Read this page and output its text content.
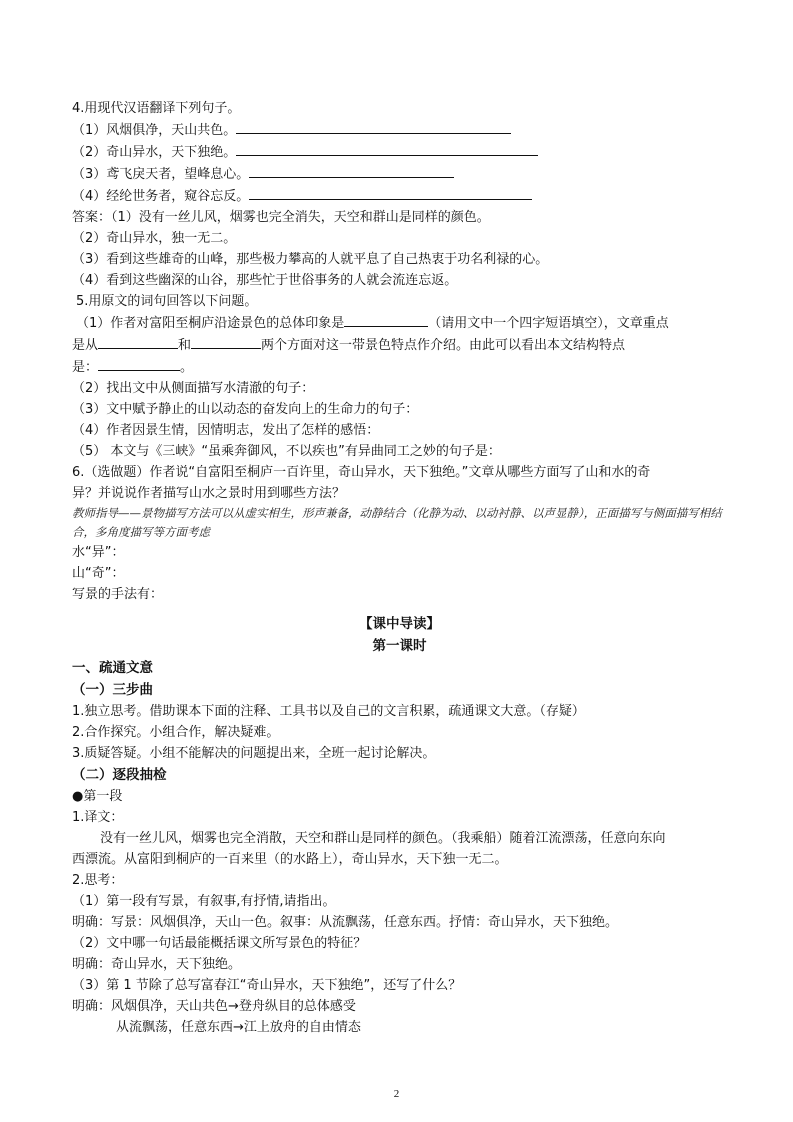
4.用现代汉语翻译下列句子。
（1）风烟俱净，天山共色。
（2）奇山异水，天下独绝。
（3）鸢飞戾天者，望峰息心。
（4）经纶世务者，窥谷忘反。
答案：（1）没有一丝儿风，烟雾也完全消失，天空和群山是同样的颜色。
（2）奇山异水，独一无二。
（3）看到这些雄奇的山峰，那些极力攀高的人就平息了自己热衷于功名利禄的心。
（4）看到这些幽深的山谷，那些忙于世俗事务的人就会流连忘返。
5.用原文的词句回答以下问题。
（1）作者对富阳至桐庐沿途景色的总体印象是	（请用文中一个四字短语填空），文章重点
是从	和	两个方面对这一带景色特点作介绍。由此可以看出本文结构特点
是：	。
（2）找出文中从侧面描写水清澈的句子：
（3）文中赋予静止的山以动态的奋发向上的生命力的句子：
（4）作者因景生情，因情明志，发出了怎样的感悟：
（5） 本文与《三峡》“虽乘奔御风，不以疾也”有异曲同工之妙的句子是：
6.（选做题）作者说“自富阳至桐庐一百许里，奇山异水，天下独绝。”文章从哪些方面写了山和水的奇
异？并说说作者描写山水之景时用到哪些方法？
教师指导——景物描写方法可以从虚实相生，形声兼备，动静结合（化静为动、以动衬静、以声显静），正面描写与侧面描写相结合，多角度描写等方面考虑
水“异”：
山“奇”：
写景的手法有：
【课中导读】
第一课时
一、疏通文意
（一）三步曲
1.独立思考。借助课本下面的注释、工具书以及自己的文言积累，疏通课文大意。（存疑）
2.合作探究。小组合作，解决疑难。
3.质疑答疑。小组不能解决的问题提出来，全班一起讨论解决。
（二）逐段抽检
●第一段
1.译文：
没有一丝儿风，烟雾也完全消散，天空和群山是同样的颜色。（我乘船）随着江流漂荡，任意向东向
西漂流。从富阳到桐庐的一百来里（的水路上），奇山异水，天下独一无二。
2.思考：
（1）第一段有写景，有叙事,有抒情,请指出。
明确：写景：风烟俱净，天山一色。叙事：从流飘荡，任意东西。抒情：奇山异水，天下独绝。
（2）文中哪一句话最能概括课文所写景色的特征？
明确：奇山异水，天下独绝。
（3）第 1 节除了总写富春江“奇山异水，天下独绝”，还写了什么？
明确：风烟俱净，天山共色→登舟纵目的总体感受
从流飘荡，任意东西→江上放舟的自由情态
2
